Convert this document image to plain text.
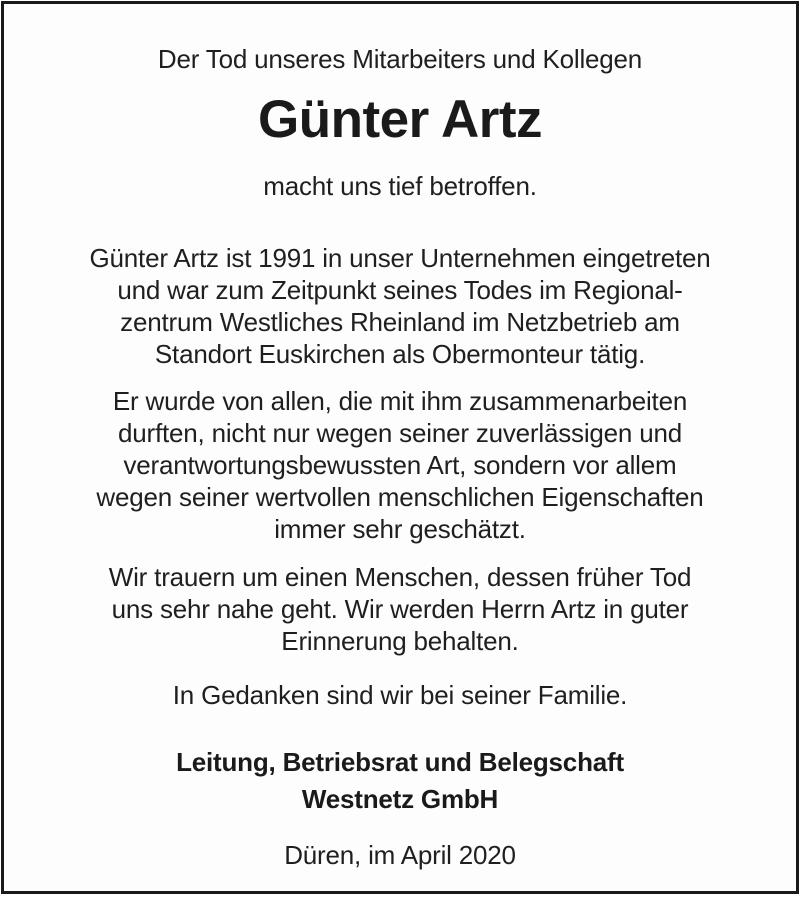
Der Tod unseres Mitarbeiters und Kollegen
Günter Artz
macht uns tief betroffen.
Günter Artz ist 1991 in unser Unternehmen eingetreten
und war zum Zeitpunkt seines Todes im Regional-
zentrum Westliches Rheinland im Netzbetrieb am
Standort Euskirchen als Obermonteur tätig.
Er wurde von allen, die mit ihm zusammenarbeiten
durften, nicht nur wegen seiner zuverlässigen und
verantwortungsbewussten Art, sondern vor allem
wegen seiner wertvollen menschlichen Eigenschaften
immer sehr geschätzt.
Wir trauern um einen Menschen, dessen früher Tod
uns sehr nahe geht. Wir werden Herrn Artz in guter
Erinnerung behalten.
In Gedanken sind wir bei seiner Familie.
Leitung, Betriebsrat und Belegschaft
Westnetz GmbH
Düren, im April 2020
